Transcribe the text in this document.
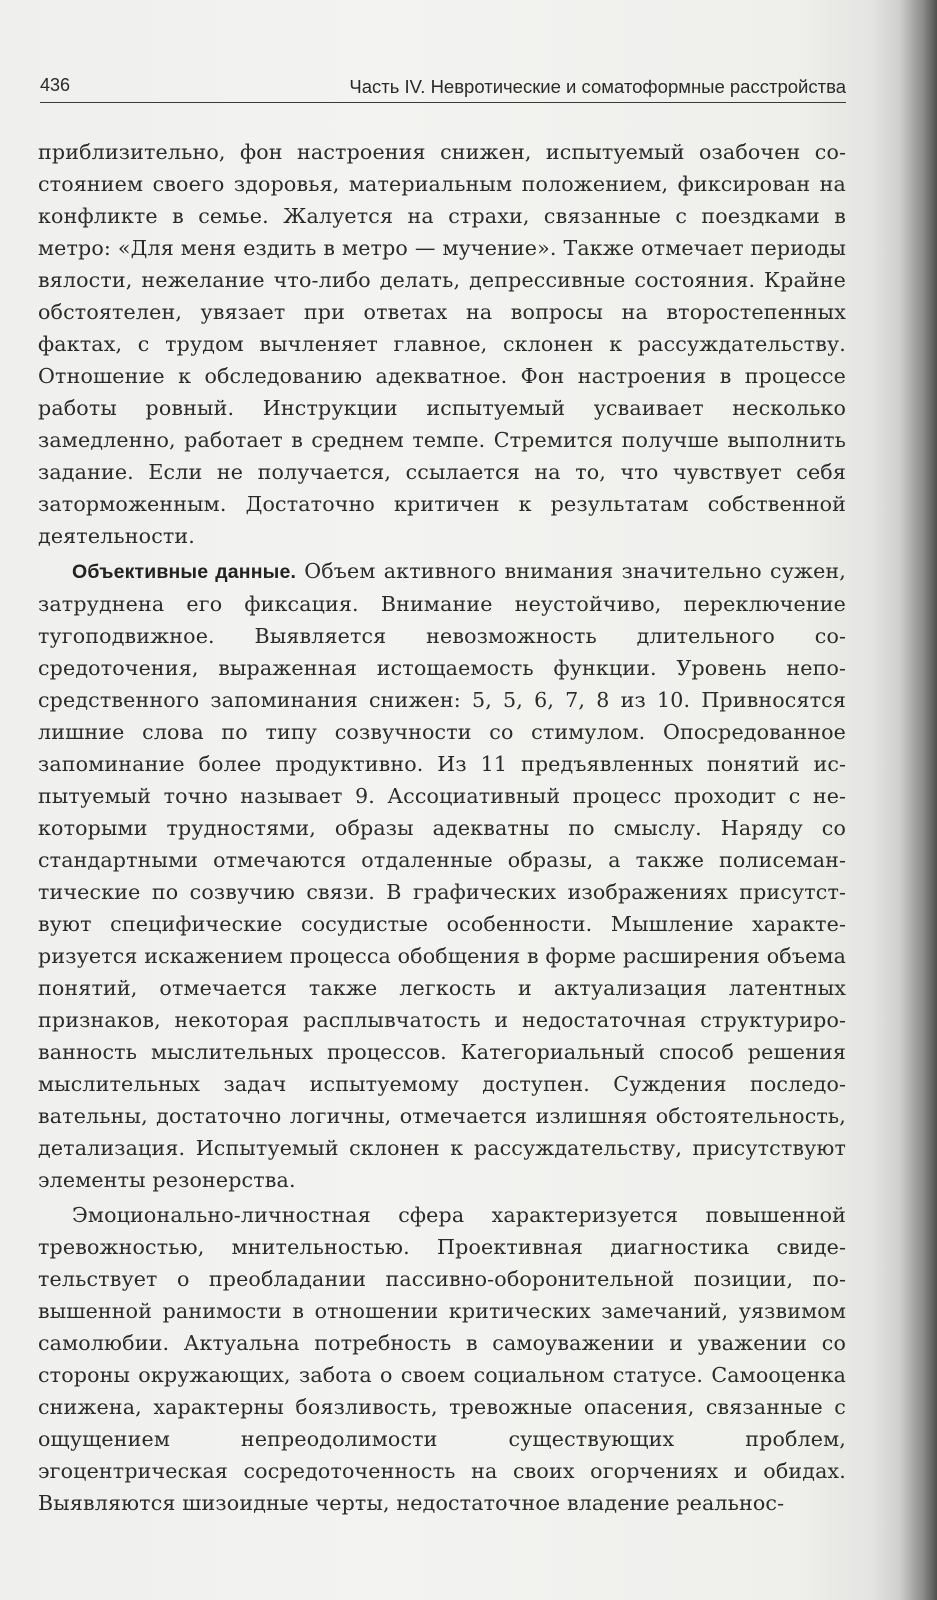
436	Часть IV. Невротические и соматоформные расстройства

приблизительно, фон настроения снижен, испытуемый озабочен состоянием своего здоровья, материальным положением, фиксирован на конфликте в семье. Жалуется на страхи, связанные с поездками в метро: «Для меня ездить в метро — мучение». Также отмечает периоды вялости, нежелание что-либо делать, депрессивные состояния. Крайне обстоятелен, увязает при ответах на вопросы на второстепенных фактах, с трудом вычленяет главное, склонен к рассуждательству. Отношение к обследованию адекватное. Фон настроения в процессе работы ровный. Инструкции испытуемый усваивает несколько замедленно, работает в среднем темпе. Стремится получше выполнить задание. Если не получается, ссылается на то, что чувствует себя заторможенным. Достаточно критичен к результатам собственной деятельности.

Объективные данные. Объем активного внимания значительно сужен, затруднена его фиксация. Внимание неустойчиво, переключение тугоподвижное. Выявляется невозможность длительного сосредоточения, выраженная истощаемость функции. Уровень непосредственного запоминания снижен: 5, 5, 6, 7, 8 из 10. Привносятся лишние слова по типу созвучности со стимулом. Опосредованное запоминание более продуктивно. Из 11 предъявленных понятий испытуемый точно называет 9. Ассоциативный процесс проходит с некоторыми трудностями, образы адекватны по смыслу. Наряду со стандартными отмечаются отдаленные образы, а также полисемантические по созвучию связи. В графических изображениях присутствуют специфические сосудистые особенности. Мышление характеризуется искажением процесса обобщения в форме расширения объема понятий, отмечается также легкость и актуализация латентных признаков, некоторая расплывчатость и недостаточная структурированность мыслительных процессов. Категориальный способ решения мыслительных задач испытуемому доступен. Суждения последовательны, достаточно логичны, отмечается излишняя обстоятельность, детализация. Испытуемый склонен к рассуждательству, присутствуют элементы резонерства.

Эмоционально-личностная сфера характеризуется повышенной тревожностью, мнительностью. Проективная диагностика свидетельствует о преобладании пассивно-оборонительной позиции, повышенной ранимости в отношении критических замечаний, уязвимом самолюбии. Актуальна потребность в самоуважении и уважении со стороны окружающих, забота о своем социальном статусе. Самооценка снижена, характерны боязливость, тревожные опасения, связанные с ощущением непреодолимости существующих проблем, эгоцентрическая сосредоточенность на своих огорчениях и обидах. Выявляются шизоидные черты, недостаточное владение реальнос-
